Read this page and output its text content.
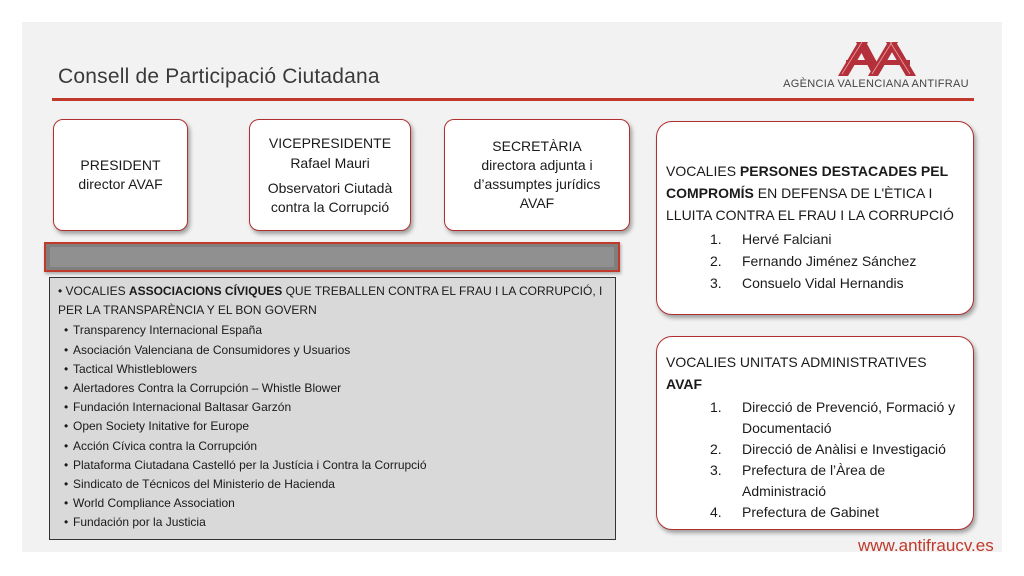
Consell de Participació Ciutadana	AGÈNCIA VALENCIANA ANTIFRAU
PRESIDENT
director AVAF
VICEPRESIDENTE
Rafael Mauri
Observatori Ciutadà contra la Corrupció
SECRETÀRIA
directora adjunta i d’assumptes jurídics AVAF
• VOCALIES ASSOCIACIONS CÍVIQUES QUE TREBALLEN CONTRA EL FRAU I LA CORRUPCIÓ, I PER LA TRANSPARÈNCIA Y EL BON GOVERN
• Transparency Internacional España
• Asociación Valenciana de Consumidores y Usuarios
• Tactical Whistleblowers
• Alertadores Contra la Corrupción – Whistle Blower
• Fundación Internacional Baltasar Garzón
• Open Society Initative for Europe
• Acción Cívica contra la Corrupción
• Plataforma Ciutadana Castelló per la Justícia i Contra la Corrupció
• Sindicato de Técnicos del Ministerio de Hacienda
• World Compliance Association
• Fundación por la Justicia
VOCALIES PERSONES DESTACADES PEL COMPROMÍS EN DEFENSA DE L'ÈTICA I LLUITA CONTRA EL FRAU I LA CORRUPCIÓ
1. Hervé Falciani
2. Fernando Jiménez Sánchez
3. Consuelo Vidal Hernandis
VOCALIES UNITATS ADMINISTRATIVES AVAF
1. Direcció de Prevenció, Formació y Documentació
2. Direcció de Anàlisi e Investigació
3. Prefectura de l’Àrea de Administració
4. Prefectura de Gabinet
www.antifraucv.es
